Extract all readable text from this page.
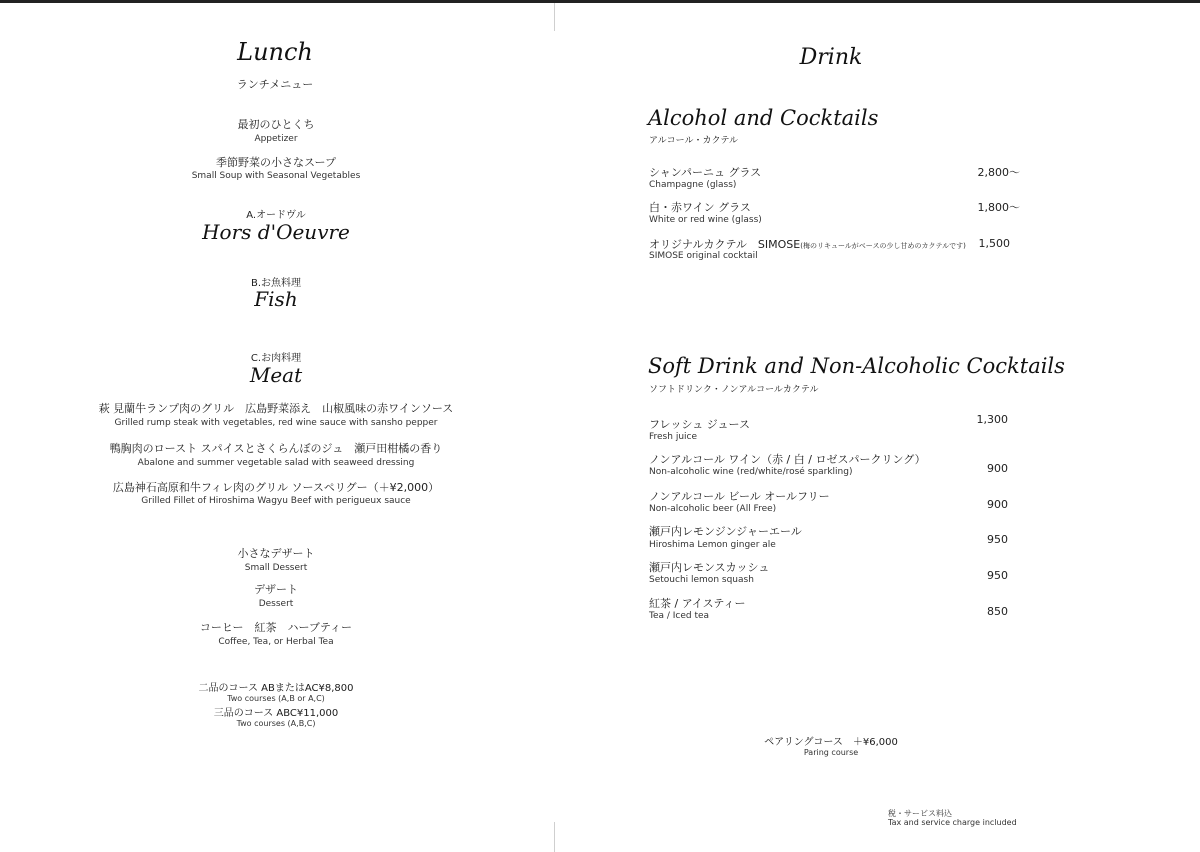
Lunch
ランチメニュー
最初のひとくち
Appetizer
季節野菜の小さなスープ
Small Soup with Seasonal Vegetables
A.オードヴル
Hors d'Oeuvre
B.お魚料理
Fish
C.お肉料理
Meat
萩 見蘭牛ランプ肉のグリル　広島野菜添え　山椒風味の赤ワインソース
Grilled rump steak with vegetables, red wine sauce with sansho pepper
鴨胸肉のロースト スパイスとさくらんぼのジュ　瀬戸田柑橘の香り
Abalone and summer vegetable salad with seaweed dressing
広島神石高原和牛フィレ肉のグリル ソースペリグー（＋¥2,000）
Grilled Fillet of Hiroshima Wagyu Beef with perigueux sauce
小さなデザート
Small Dessert
デザート
Dessert
コーヒー　紅茶　ハーブティー
Coffee, Tea, or Herbal Tea
二品のコース ABまたはAC¥8,800
Two courses (A,B or A,C)
三品のコース ABC¥11,000
Two courses (A,B,C)
Drink
Alcohol and Cocktails
アルコール・カクテル
シャンパーニュ グラス
Champagne (glass)
2,800～
白・赤ワイン グラス
White or red wine (glass)
1,800～
オリジナルカクテル　SIMOSE(梅のリキュールがベースの少し甘めのカクテルです)
SIMOSE original cocktail
1,500
Soft Drink and Non-Alcoholic Cocktails
ソフトドリンク・ノンアルコールカクテル
フレッシュ ジュース
Fresh juice
1,300
ノンアルコール ワイン（赤 / 白 / ロゼスパークリング）
Non-alcoholic wine (red/white/rosé sparkling)	900
ノンアルコール ビール オールフリー
Non-alcoholic beer (All Free)	900
瀬戸内レモンジンジャーエール
Hiroshima Lemon ginger ale	950
瀬戸内レモンスカッシュ
Setouchi lemon squash	950
紅茶 / アイスティー
Tea / Iced tea	850
ペアリングコース　＋¥6,000
Paring course
税・サービス料込
Tax and service charge included
